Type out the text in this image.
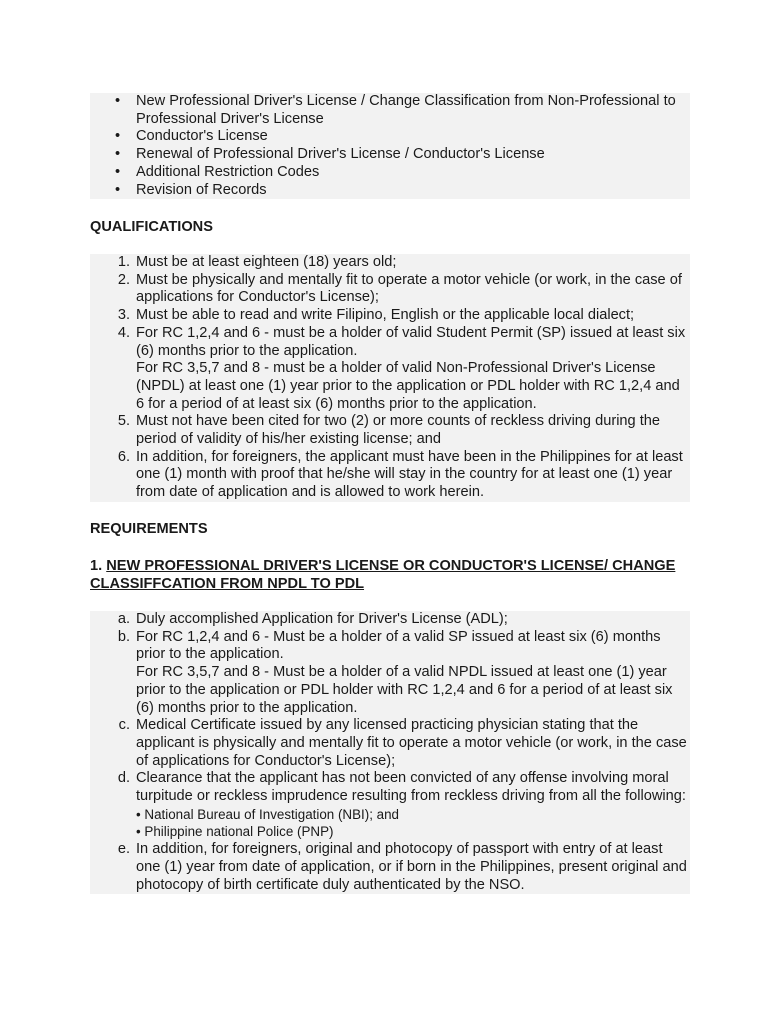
• New Professional Driver's License / Change Classification from Non-Professional to Professional Driver's License
• Conductor's License
• Renewal of Professional Driver's License / Conductor's License
• Additional Restriction Codes
• Revision of Records
QUALIFICATIONS
1. Must be at least eighteen (18) years old;
2. Must be physically and mentally fit to operate a motor vehicle (or work, in the case of applications for Conductor's License);
3. Must be able to read and write Filipino, English or the applicable local dialect;
4. For RC 1,2,4 and 6 - must be a holder of valid Student Permit (SP) issued at least six (6) months prior to the application.
For RC 3,5,7 and 8 - must be a holder of valid Non-Professional Driver's License (NPDL) at least one (1) year prior to the application or PDL holder with RC 1,2,4 and 6 for a period of at least six (6) months prior to the application.
5. Must not have been cited for two (2) or more counts of reckless driving during the period of validity of his/her existing license; and
6. In addition, for foreigners, the applicant must have been in the Philippines for at least one (1) month with proof that he/she will stay in the country for at least one (1) year from date of application and is allowed to work herein.
REQUIREMENTS
1. NEW PROFESSIONAL DRIVER'S LICENSE OR CONDUCTOR'S LICENSE/ CHANGE CLASSIFFCATION FROM NPDL TO PDL
a. Duly accomplished Application for Driver's License (ADL);
b. For RC 1,2,4 and 6 - Must be a holder of a valid SP issued at least six (6) months prior to the application.
For RC 3,5,7 and 8 - Must be a holder of a valid NPDL issued at least one (1) year prior to the application or PDL holder with RC 1,2,4 and 6 for a period of at least six (6) months prior to the application.
c. Medical Certificate issued by any licensed practicing physician stating that the applicant is physically and mentally fit to operate a motor vehicle (or work, in the case of applications for Conductor's License);
d. Clearance that the applicant has not been convicted of any offense involving moral turpitude or reckless imprudence resulting from reckless driving from all the following:
• National Bureau of Investigation (NBI); and
• Philippine national Police (PNP)
e. In addition, for foreigners, original and photocopy of passport with entry of at least one (1) year from date of application, or if born in the Philippines, present original and photocopy of birth certificate duly authenticated by the NSO.
